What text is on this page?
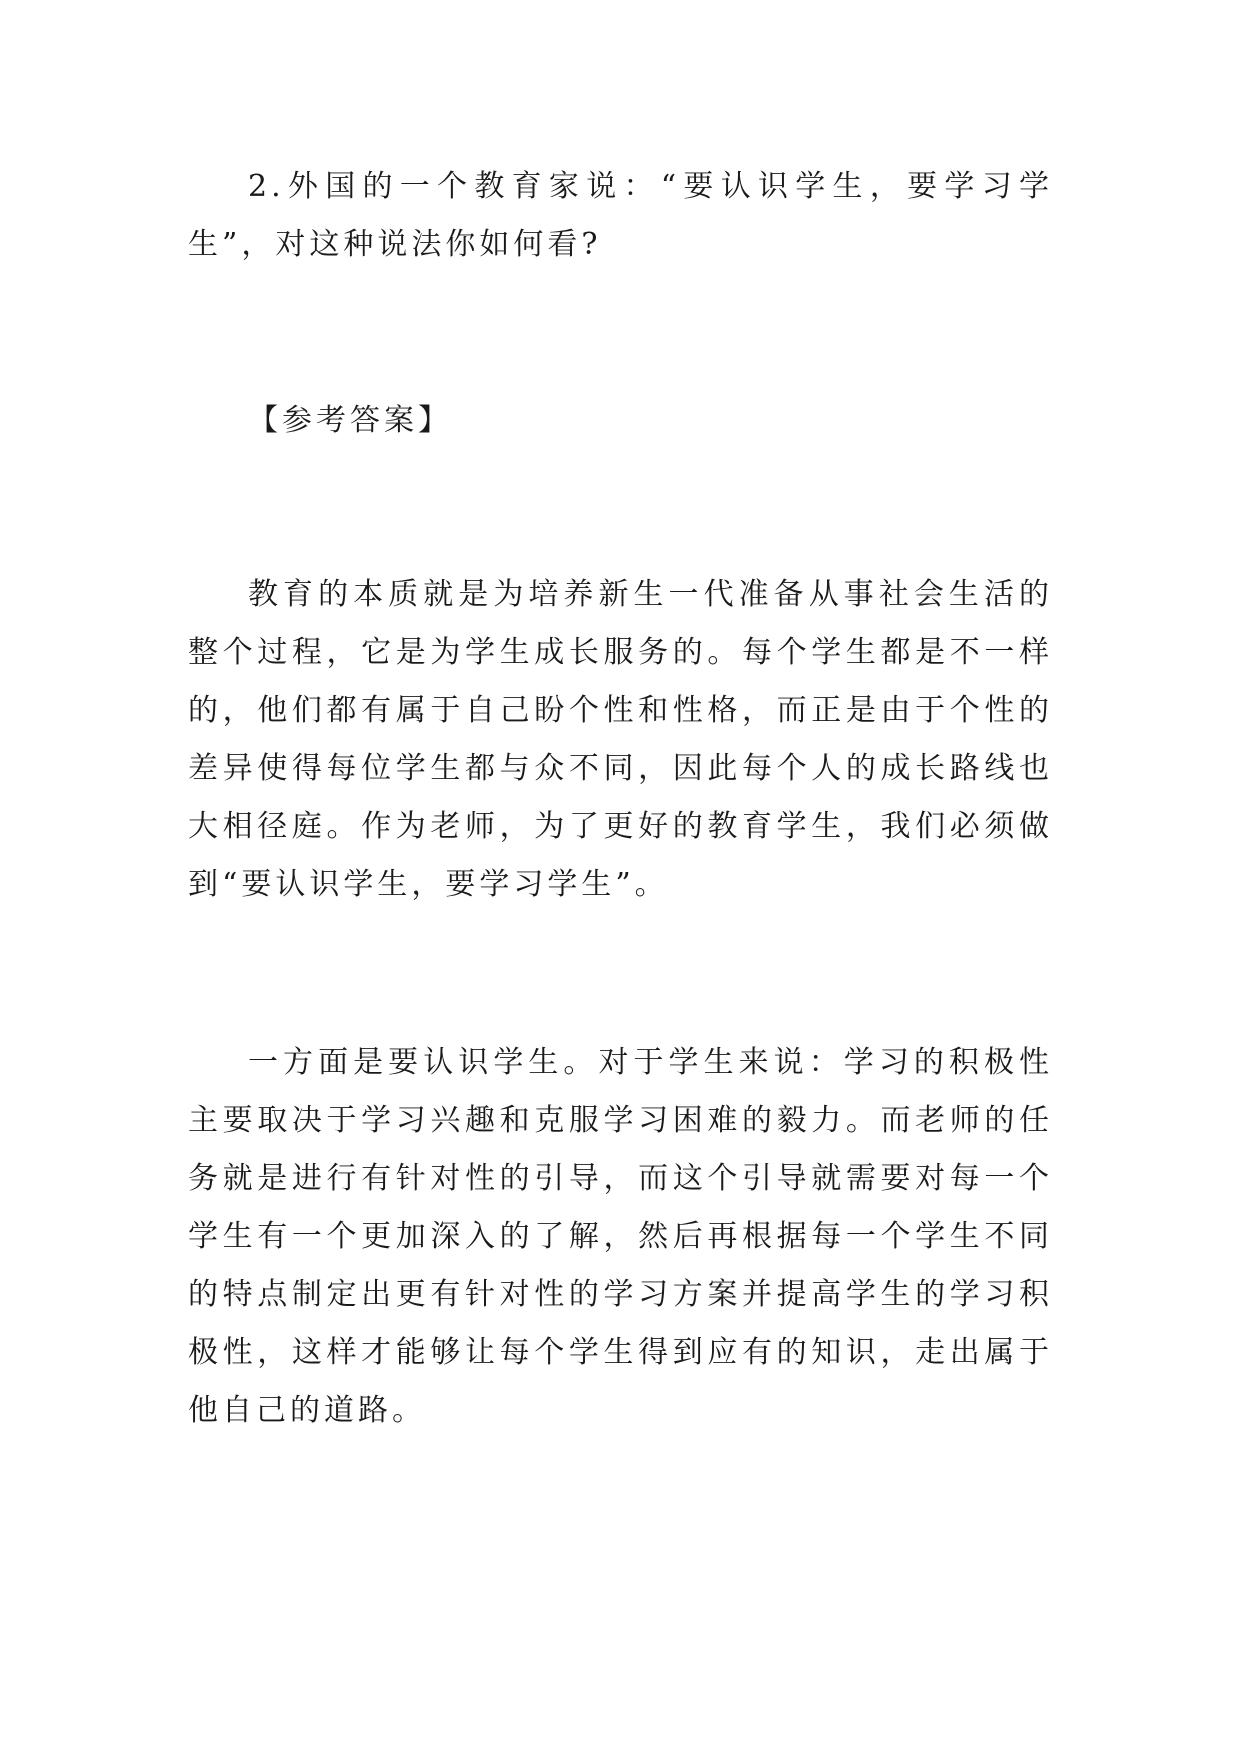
2.外国的一个教育家说：“要认识学生，要学习学生”，对这种说法你如何看?

【参考答案】

教育的本质就是为培养新生一代准备从事社会生活的整个过程，它是为学生成长服务的。每个学生都是不一样的，他们都有属于自己盼个性和性格，而正是由于个性的差异使得每位学生都与众不同，因此每个人的成长路线也大相径庭。作为老师，为了更好的教育学生，我们必须做到“要认识学生，要学习学生”。

一方面是要认识学生。对于学生来说：学习的积极性主要取决于学习兴趣和克服学习困难的毅力。而老师的任务就是进行有针对性的引导，而这个引导就需要对每一个学生有一个更加深入的了解，然后再根据每一个学生不同的特点制定出更有针对性的学习方案并提高学生的学习积极性，这样才能够让每个学生得到应有的知识，走出属于他自己的道路。
